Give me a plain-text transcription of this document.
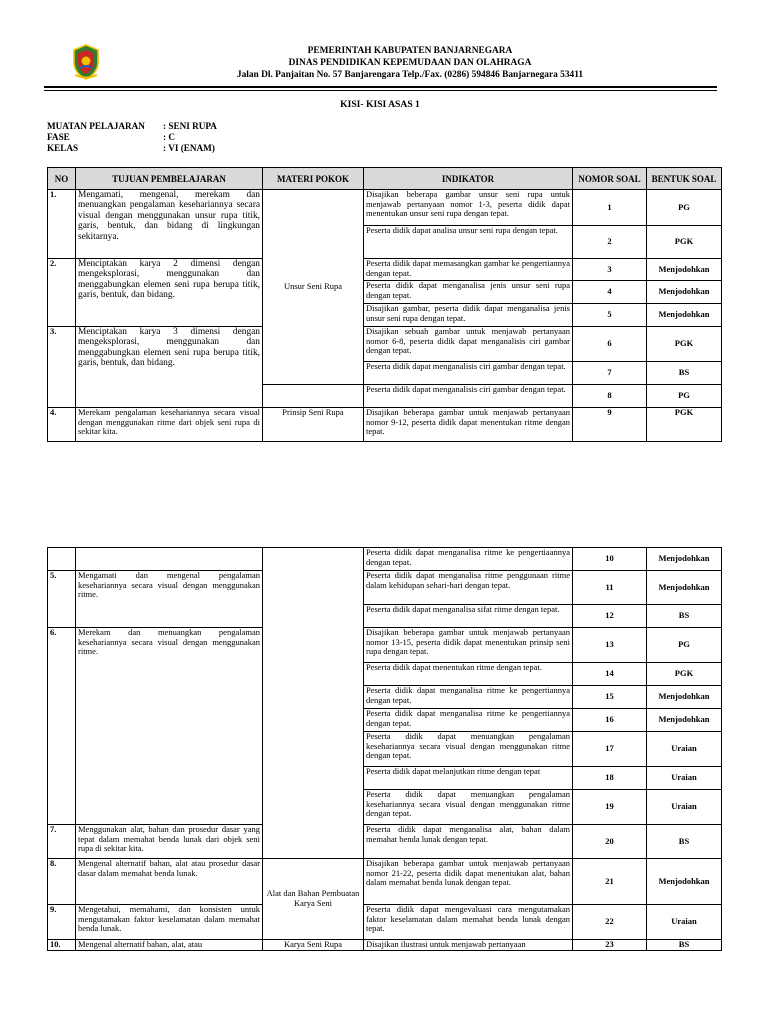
PEMERINTAH KABUPATEN BANJARNEGARA
DINAS PENDIDIKAN KEPEMUDAAN DAN OLAHRAGA
Jalan Dl. Panjaitan No. 57 Banjarengara Telp./Fax. (0286) 594846 Banjarnegara 53411
KISI- KISI ASAS 1
MUATAN PELAJARAN	: SENI RUPA
FASE	: C
KELAS	: VI (ENAM)
NO	TUJUAN PEMBELAJARAN	MATERI POKOK	INDIKATOR	NOMOR SOAL	BENTUK SOAL
1.	Mengamati, mengenal, merekam dan menuangkan pengalaman kesehariannya secara visual dengan menggunakan unsur rupa titik, garis, bentuk, dan bidang di lingkungan sekitarnya.	Unsur Seni Rupa	Disajikan beberapa gambar unsur seni rupa untuk menjawab pertanyaan nomor 1-3, peserta didik dapat menentukan unsur seni rupa dengan tepat.	1	PG
			Peserta didik dapat analisa unsur seni rupa dengan tepat.	2	PGK
2.	Menciptakan karya 2 dimensi dengan mengeksplorasi, menggunakan dan menggabungkan elemen seni rupa berupa titik, garis, bentuk, dan bidang.		Peserta didik dapat memasangkan gambar ke pengertiannya dengan tepat.	3	Menjodohkan
			Peserta didik dapat menganalisa jenis unsur seni rupa dengan tepat.	4	Menjodohkan
			Disajikan gambar, peserta didik dapat menganalisa jenis unsur seni rupa dengan tepat.	5	Menjodohkan
3.	Menciptakan karya 3 dimensi dengan mengeksplorasi, menggunakan dan menggabungkan elemen seni rupa berupa titik, garis, bentuk, dan bidang.		Disajikan sebuah gambar untuk menjawab pertanyaan nomor 6-8, peserta didik dapat menganalisis ciri gambar dengan tepat.	6	PGK
			Peserta didik dapat menganalisis ciri gambar dengan tepat.	7	BS
			Peserta didik dapat menganalisis ciri gambar dengan tepat.	8	PG
4.	Merekam pengalaman kesehariannya secara visual dengan menggunakan ritme dari objek seni rupa di sekitar kita.	Prinsip Seni Rupa	Disajikan beberapa gambar untuk menjawab pertanyaan nomor 9-12, peserta didik dapat menentukan ritme dengan tepat.	9	PGK
			Peserta didik dapat menganalisa ritme ke pengertiaannya dengan tepat.	10	Menjodohkan
5.	Mengamati dan mengenal pengalaman kesehariannya secara visual dengan menggunakan ritme.		Peserta didik dapat menganalisa ritme penggunaan ritme dalam kehidupan sehari-hari dengan tepat.	11	Menjodohkan
			Peserta didik dapat menganalisa sifat ritme dengan tepat.	12	BS
6.	Merekam dan menuangkan pengalaman kesehariannya secara visual dengan menggunakan ritme.		Disajikan beberapa gambar untuk menjawab pertanyaan nomor 13-15, peserta didik dapat menentukan prinsip seni rupa dengan tepat.	13	PG
			Peserta didik dapat menentukan ritme dengan tepat.	14	PGK
			Peserta didik dapat menganalisa ritme ke pengertiannya dengan tepat.	15	Menjodohkan
			Peserta didik dapat menganalisa ritme ke pengertiannya dengan tepat.	16	Menjodohkan
			Peserta didik dapat menuangkan pengalaman kesehariannya secara visual dengan menggunakan ritme dengan tepat.	17	Uraian
			Peserta didik dapat melanjutkan ritme dengan tepat	18	Uraian
			Peserta didik dapat menuangkan pengalaman kesehariannya secara visual dengan menggunakan ritme dengan tepat.	19	Uraian
7.	Menggunakan alat, bahan dan prosedur dasar yang tepat dalam memahat benda lunak dari objek seni rupa di sekitar kita.		Peserta didik dapat menganalisa alat, bahan dalam memahat benda lunak dengan tepat.	20	BS
8.	Mengenal alternatif bahan, alat atau prosedur dasar dasar dalam memahat benda lunak.	Alat dan Bahan Pembuatan Karya Seni	Disajikan beberapa gambar untuk menjawab pertanyaan nomor 21-22, peserta didik dapat menentukan alat, bahan dalam memahat benda lunak dengan tepat.	21	Menjodohkan
9.	Mengetahui, memahami, dan konsisten untuk mengutamakan faktor keselamatan dalam memahat benda lunak.		Peserta didik dapat mengevaluasi cara mengutamakan faktor keselamatan dalam memahat benda lunak dengan tepat.	22	Uraian
10.	Mengenal alternatif bahan, alat, atau	Karya Seni Rupa	Disajikan ilustrasi untuk menjawab pertanyaan	23	BS
